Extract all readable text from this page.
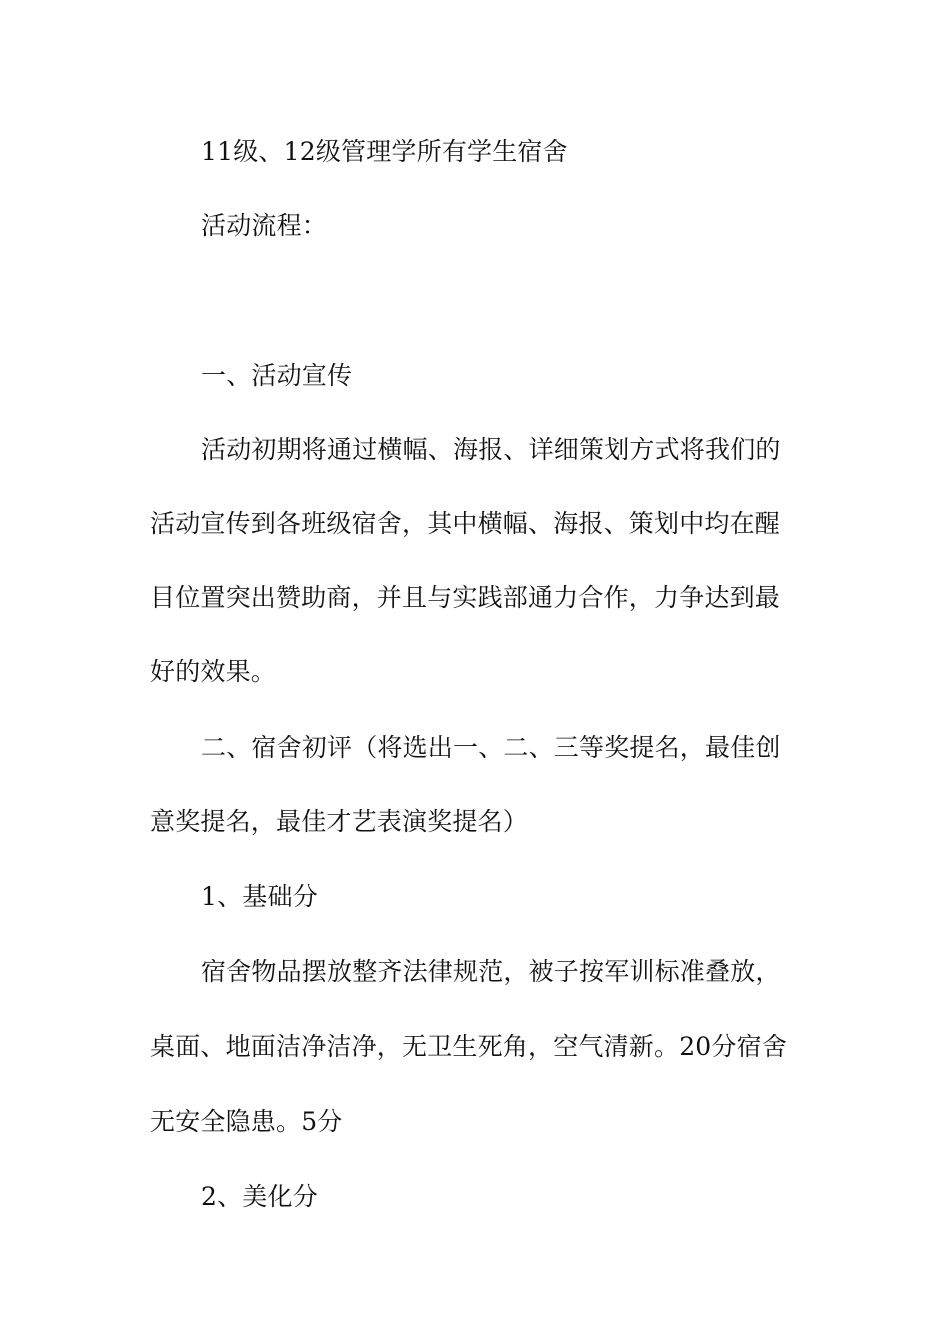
11级、12级管理学所有学生宿舍
活动流程：
一、活动宣传
活动初期将通过横幅、海报、详细策划方式将我们的
活动宣传到各班级宿舍，其中横幅、海报、策划中均在醒
目位置突出赞助商，并且与实践部通力合作，力争达到最
好的效果。
二、宿舍初评（将选出一、二、三等奖提名，最佳创
意奖提名，最佳才艺表演奖提名）
1、基础分
宿舍物品摆放整齐法律规范，被子按军训标准叠放，
桌面、地面洁净洁净，无卫生死角，空气清新。20分宿舍
无安全隐患。5分
2、美化分
